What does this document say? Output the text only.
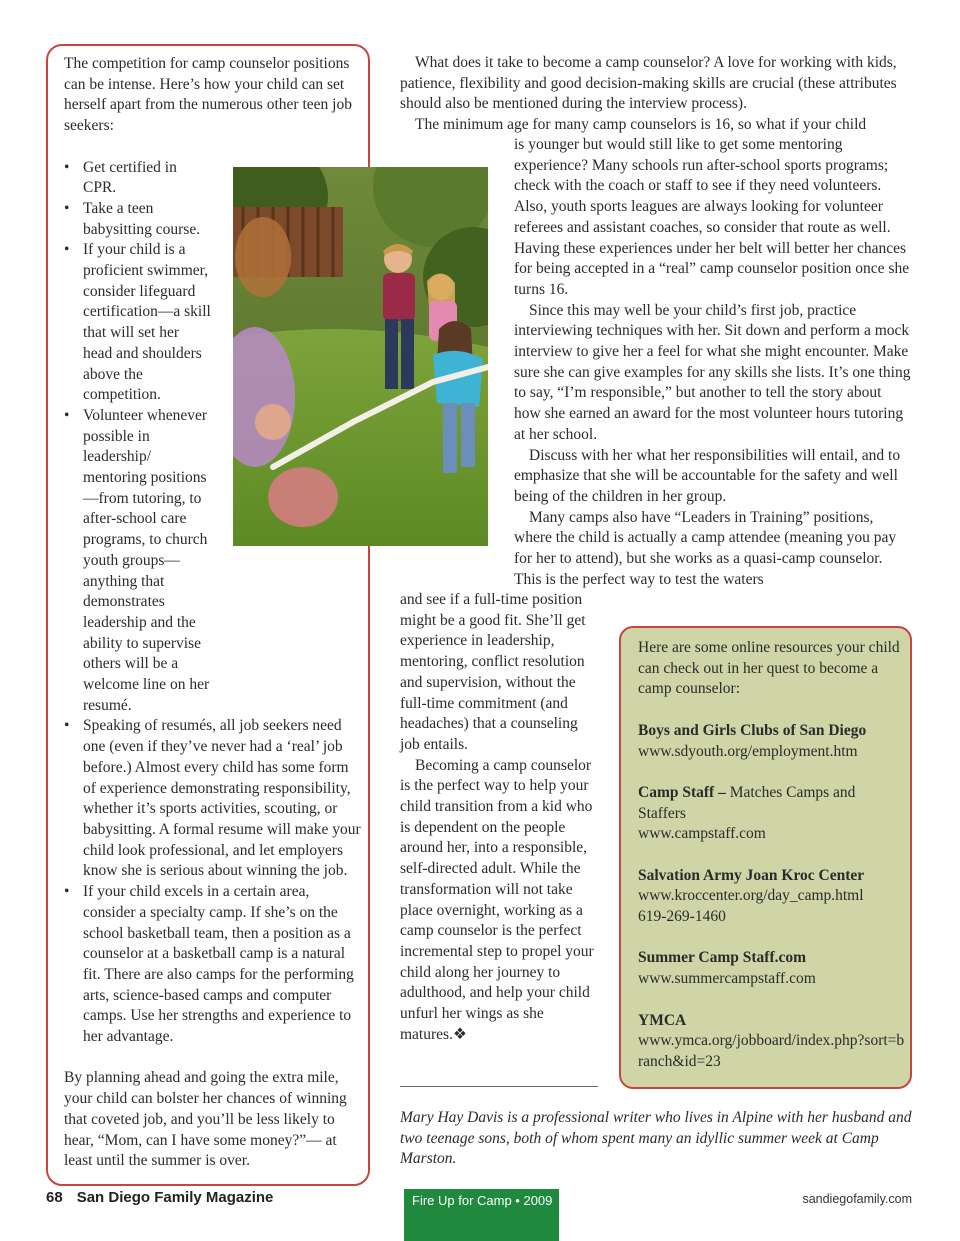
The competition for camp counselor positions can be intense. Here’s how your child can set herself apart from the numerous other teen job seekers:

• Get certified in CPR.
• Take a teen babysitting course.
• If your child is a proficient swimmer, consider lifeguard certification—a skill that will set her head and shoulders above the competition.
• Volunteer whenever possible in leadership/ mentoring positions—from tutoring, to after-school care programs, to church youth groups—anything that demonstrates leadership and the ability to supervise others will be a welcome line on her resumé.
• Speaking of resumés, all job seekers need one (even if they’ve never had a ‘real’ job before.) Almost every child has some form of experience demonstrating responsibility, whether it’s sports activities, scouting, or babysitting. A formal resume will make your child look professional, and let employers know she is serious about winning the job.
• If your child excels in a certain area, consider a specialty camp. If she’s on the school basketball team, then a position as a counselor at a basketball camp is a natural fit. There are also camps for the performing arts, science-based camps and computer camps. Use her strengths and experience to her advantage.

By planning ahead and going the extra mile, your child can bolster her chances of winning that coveted job, and you’ll be less likely to hear, “Mom, can I have some money?”— at least until the summer is over.

What does it take to become a camp counselor? A love for working with kids, patience, flexibility and good decision-making skills are crucial (these attributes should also be mentioned during the interview process).

The minimum age for many camp counselors is 16, so what if your child

is younger but would still like to get some mentoring experience? Many schools run after-school sports programs; check with the coach or staff to see if they need volunteers. Also, youth sports leagues are always looking for volunteer referees and assistant coaches, so consider that route as well. Having these experiences under her belt will better her chances for being accepted in a “real” camp counselor position once she turns 16.

Since this may well be your child’s first job, practice interviewing techniques with her. Sit down and perform a mock interview to give her a feel for what she might encounter. Make sure she can give examples for any skills she lists. It’s one thing to say, “I’m responsible,” but another to tell the story about how she earned an award for the most volunteer hours tutoring at her school.

Discuss with her what her responsibilities will entail, and to emphasize that she will be accountable for the safety and well being of the children in her group.

Many camps also have “Leaders in Training” positions, where the child is actually a camp attendee (meaning you pay for her to attend), but she works as a quasi-camp counselor. This is the perfect way to test the waters

and see if a full-time position might be a good fit. She’ll get experience in leadership, mentoring, conflict resolution and supervision, without the full-time commitment (and headaches) that a counseling job entails.

Becoming a camp counselor is the perfect way to help your child transition from a kid who is dependent on the people around her, into a responsible, self-directed adult. While the transformation will not take place overnight, working as a camp counselor is the perfect incremental step to propel your child along her journey to adulthood, and help your child unfurl her wings as she matures.❖

Mary Hay Davis is a professional writer who lives in Alpine with her husband and two teenage sons, both of whom spent many an idyllic summer week at Camp Marston.

Here are some online resources your child can check out in her quest to become a camp counselor:

Boys and Girls Clubs of San Diego
www.sdyouth.org/employment.htm
Camp Staff – Matches Camps and Staffers
www.campstaff.com
Salvation Army Joan Kroc Center
www.kroccenter.org/day_camp.html
619-269-1460
Summer Camp Staff.com
www.summercampstaff.com
YMCA
www.ymca.org/jobboard/index.php?sort=branch&id=23
68 San Diego Family Magazine	Fire Up for Camp • 2009	sandiegofamily.com
